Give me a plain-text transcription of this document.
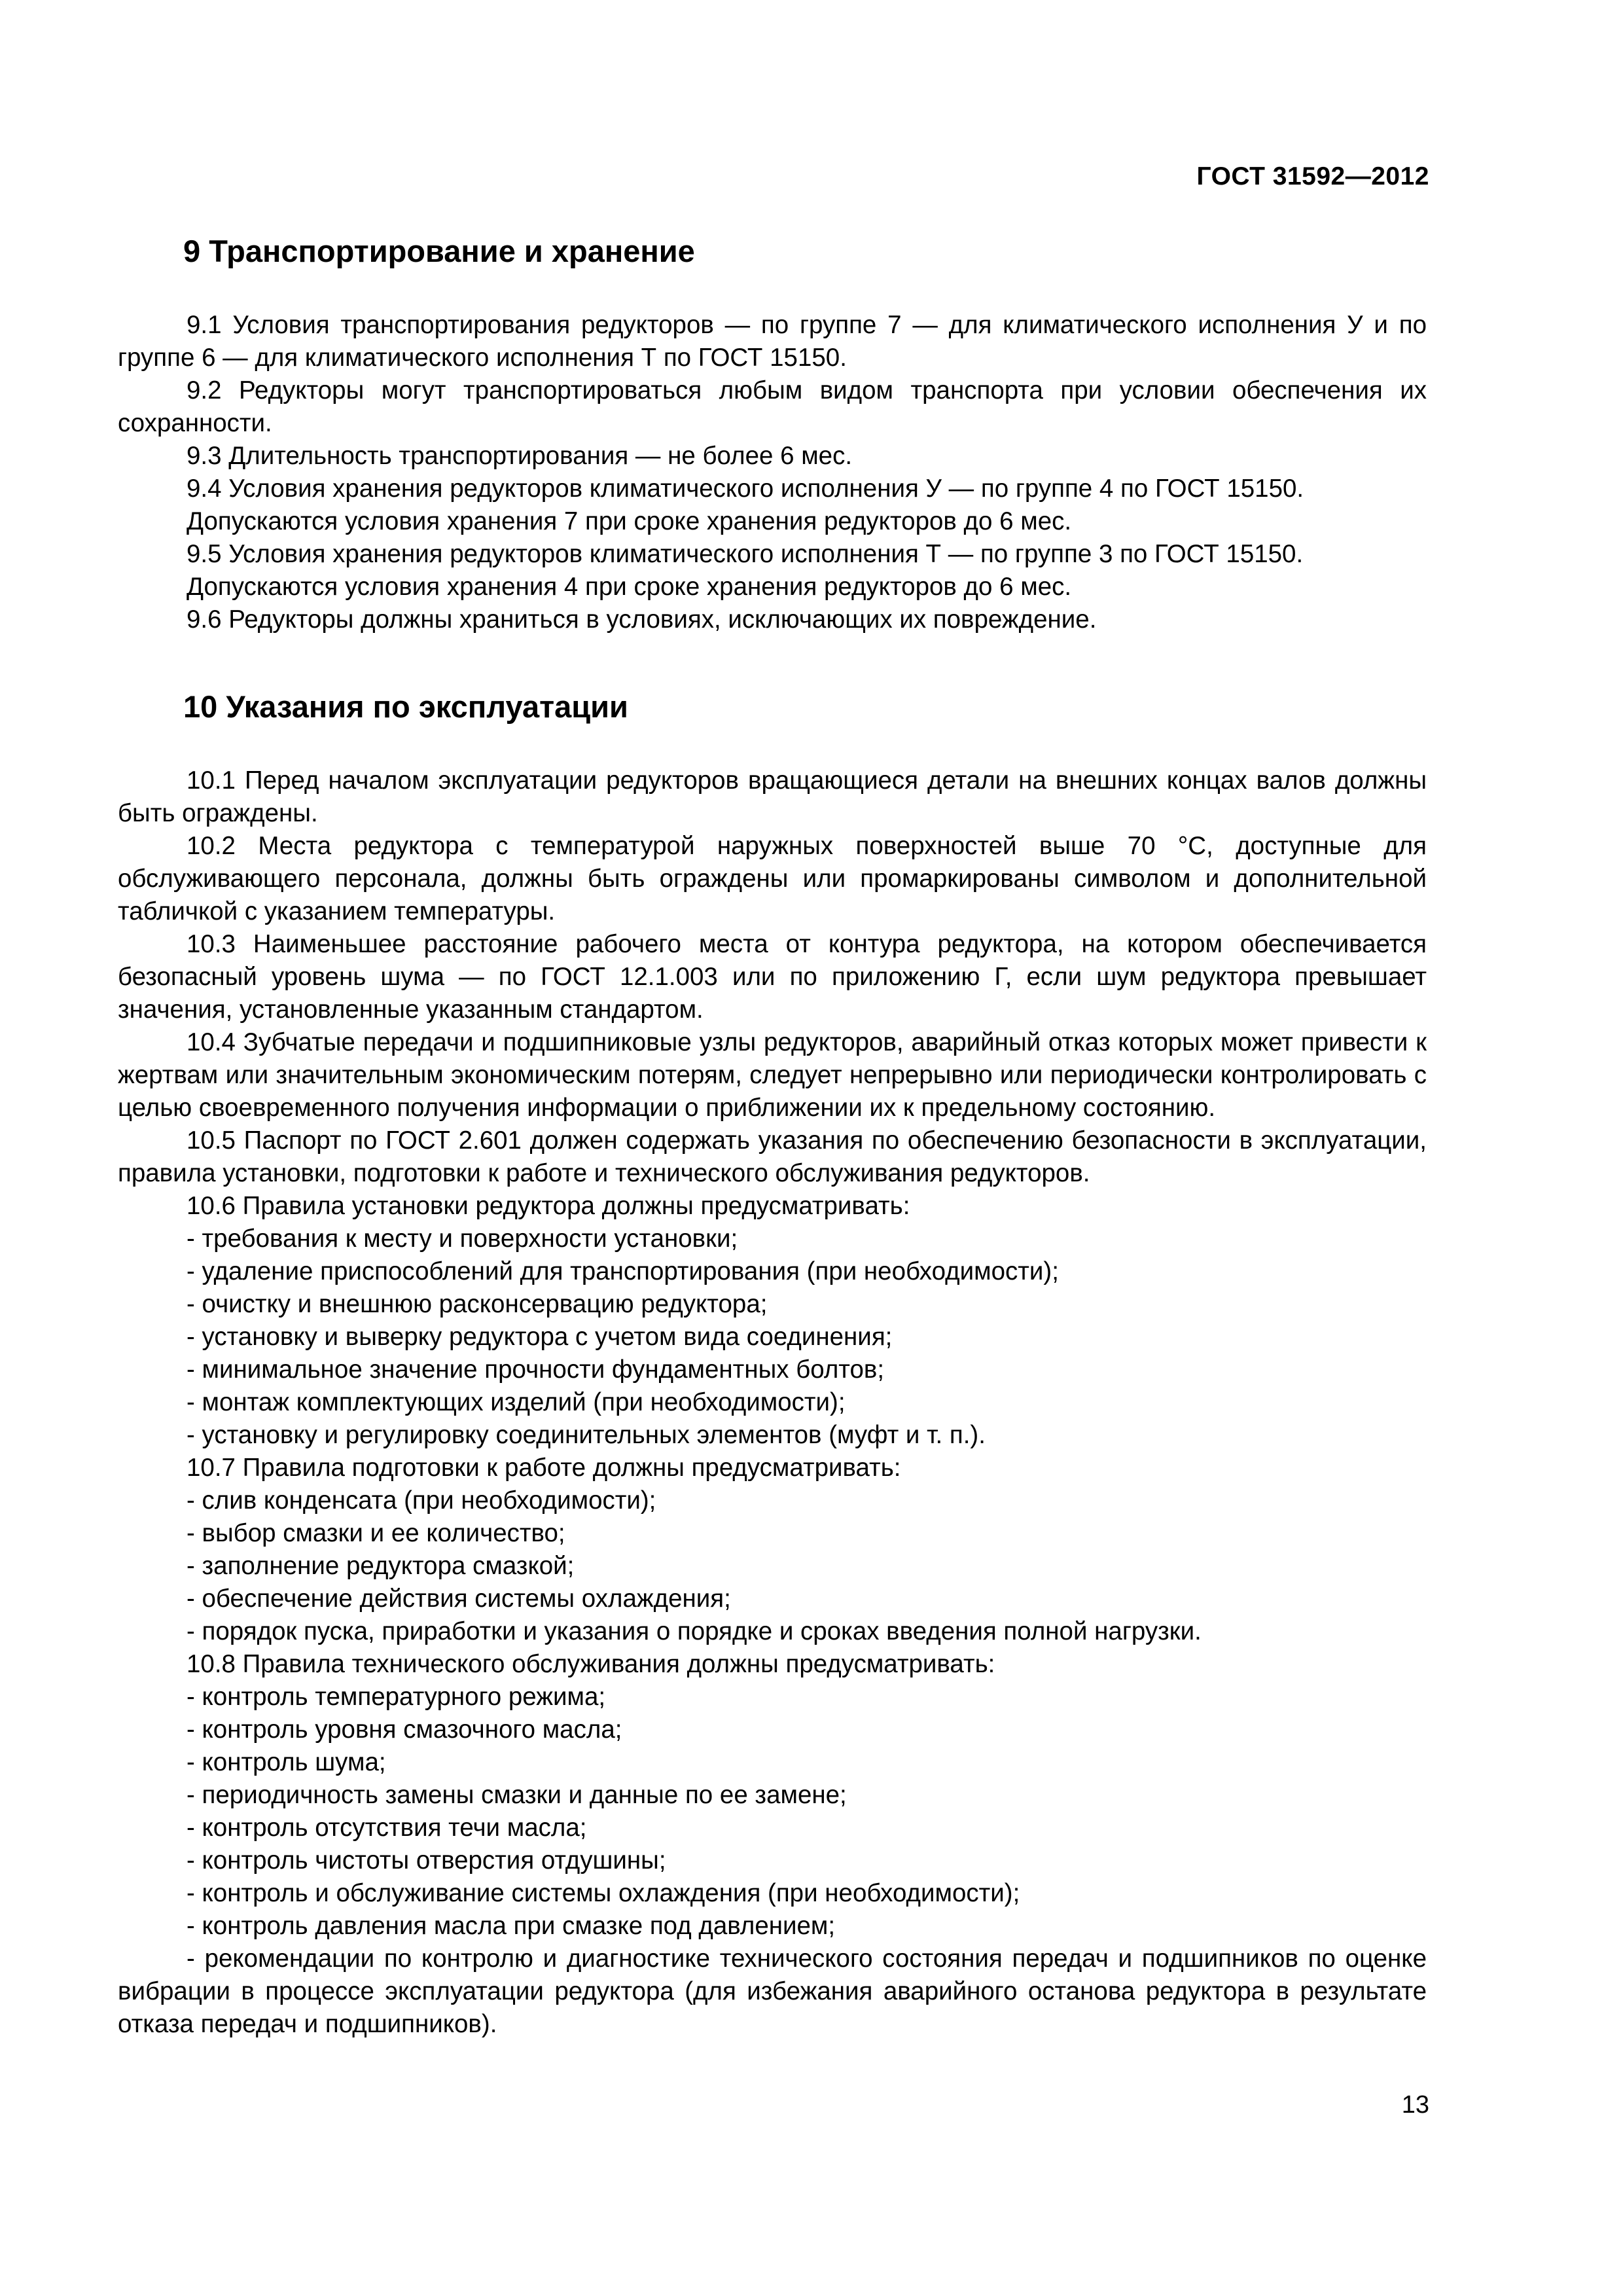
ГОСТ 31592—2012
9 Транспортирование и хранение

9.1 Условия транспортирования редукторов — по группе 7 — для климатического исполнения У и по группе 6 — для климатического исполнения Т по ГОСТ 15150.

9.2 Редукторы могут транспортироваться любым видом транспорта при условии обеспечения их сохранности.

9.3 Длительность транспортирования — не более 6 мес.

9.4 Условия хранения редукторов климатического исполнения У — по группе 4 по ГОСТ 15150.

Допускаются условия хранения 7 при сроке хранения редукторов до 6 мес.

9.5 Условия хранения редукторов климатического исполнения Т — по группе 3 по ГОСТ 15150.

Допускаются условия хранения 4 при сроке хранения редукторов до 6 мес.

9.6 Редукторы должны храниться в условиях, исключающих их повреждение.

10 Указания по эксплуатации

10.1 Перед началом эксплуатации редукторов вращающиеся детали на внешних концах валов должны быть ограждены.

10.2 Места редуктора с температурой наружных поверхностей выше 70 °С, доступные для обслуживающего персонала, должны быть ограждены или промаркированы символом и дополнительной табличкой с указанием температуры.

10.3 Наименьшее расстояние рабочего места от контура редуктора, на котором обеспечивается безопасный уровень шума — по ГОСТ 12.1.003 или по приложению Г, если шум редуктора превышает значения, установленные указанным стандартом.

10.4 Зубчатые передачи и подшипниковые узлы редукторов, аварийный отказ которых может привести к жертвам или значительным экономическим потерям, следует непрерывно или периодически контролировать с целью своевременного получения информации о приближении их к предельному состоянию.

10.5 Паспорт по ГОСТ 2.601 должен содержать указания по обеспечению безопасности в эксплуатации, правила установки, подготовки к работе и технического обслуживания редукторов.

10.6 Правила установки редуктора должны предусматривать:

- требования к месту и поверхности установки;

- удаление приспособлений для транспортирования (при необходимости);

- очистку и внешнюю расконсервацию редуктора;

- установку и выверку редуктора с учетом вида соединения;

- минимальное значение прочности фундаментных болтов;

- монтаж комплектующих изделий (при необходимости);

- установку и регулировку соединительных элементов (муфт и т. п.).

10.7 Правила подготовки к работе должны предусматривать:

- слив конденсата (при необходимости);

- выбор смазки и ее количество;

- заполнение редуктора смазкой;

- обеспечение действия системы охлаждения;

- порядок пуска, приработки и указания о порядке и сроках введения полной нагрузки.

10.8 Правила технического обслуживания должны предусматривать:

- контроль температурного режима;

- контроль уровня смазочного масла;

- контроль шума;

- периодичность замены смазки и данные по ее замене;

- контроль отсутствия течи масла;

- контроль чистоты отверстия отдушины;

- контроль и обслуживание системы охлаждения (при необходимости);

- контроль давления масла при смазке под давлением;

- рекомендации по контролю и диагностике технического состояния передач и подшипников по оценке вибрации в процессе эксплуатации редуктора (для избежания аварийного останова редуктора в результате отказа передач и подшипников).

13
